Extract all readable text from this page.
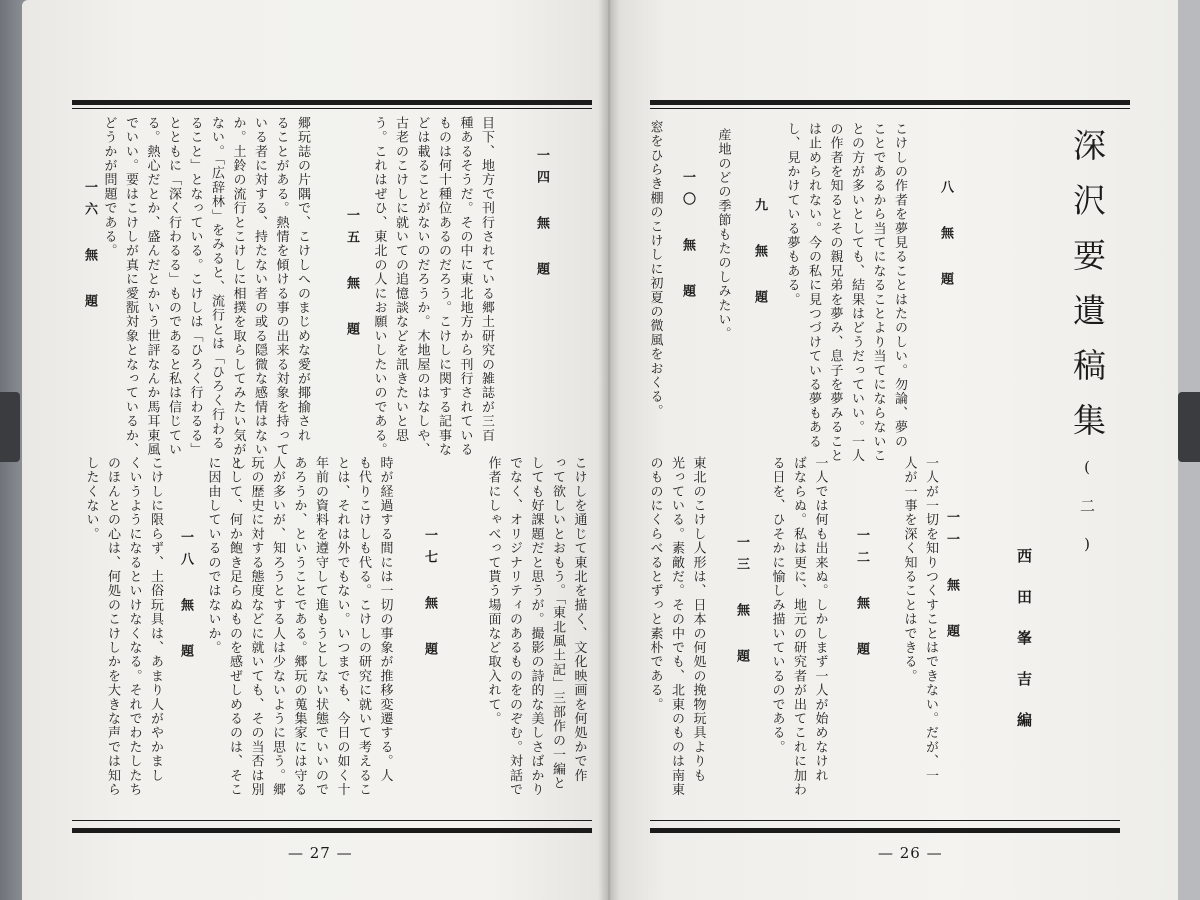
深沢要遺稿集(二)
西田峯吉編
八 無 題
こけしの作者を夢見ることはたのしい。勿論、夢の
ことであるから当てになることより当てにならないこ
との方が多いとしても、結果はどうだっていい。一人
の作者を知るとその親兄弟を夢み、息子を夢みること
は止められない。今の私に見つづけている夢もある
し、見かけている夢もある。
九 無 題
産地のどの季節もたのしみたい。
一〇 無 題
窓をひらき棚のこけしに初夏の微風をおくる。
一人が一切を知りつくすことはできない。だが、一
人が一事を深く知ることはできる。 一一 無 題
一二 無 題
一人では何も出来ぬ。しかしまず一人が始めなけれ
ばならぬ。私は更に、地元の研究者が出てこれに加わ
る日を、ひそかに愉しみ描いているのである。
一三 無 題
東北のこけし人形は、日本の何処の挽物玩具よりも
光っている。素敵だ。その中でも、北東のものは南東
のものにくらべるとずっと素朴である。
— 26 —
一四 無 題
目下、地方で刊行されている郷土研究の雑誌が三百
種あるそうだ。その中に東北地方から刊行されている
ものは何十種位あるのだろう。こけしに関する記事な
どは載ることがないのだろうか。木地屋のはなしや、
古老のこけしに就いての追憶談などを訊きたいと思
う。これはぜひ、東北の人にお願いしたいのである。
一五 無 題
郷玩誌の片隅で、こけしへのまじめな愛が揶揄され
ることがある。熱情を傾ける事の出来る対象を持って
いる者に対する、持たない者の或る隠微な感情はない
か。土鈴の流行とこけしに相撲を取らしてみたい気がし
ない。「広辞林」をみると、流行とは「ひろく行わる
ること」となっている。こけしは「ひろく行わるる」
とともに「深く行わるる」ものであると私は信じてい
る。熱心だとか、盛んだとかいう世評なんか馬耳東風
でいい。要はこけしが真に愛翫対象となっているか、
どうかが問題である。
一六 無 題
こけしを通じて東北を描く、文化映画を何処かで作
って欲しいとおもう。「東北風土記」三部作の一編と
しても好課題だと思うが。撮影の詩的な美しさばかり
でなく、オリジナリティのあるものをのぞむ。対話で
作者にしゃべって貰う場面など取入れて。
一七 無 題
時が経過する間には一切の事象が推移変遷する。人
も代りこけしも代る。こけしの研究に就いて考えるこ
とは、それは外でもない。いつまでも、今日の如く十
年前の資料を遵守して進もうとしない状態でいいので
あろうか、ということである。郷玩の蒐集家には守る
人が多いが、知ろうとする人は少ないように思う。郷
玩の歴史に対する態度などに就いても、その当否は別
として、何か飽き足らぬものを感ぜしめるのは、そこ
に因由しているのではないか。
一八 無 題
こけしに限らず、土俗玩具は、あまり人がやかまし
くいうようになるといけなくなる。それでわたしたち
のほんとの心は、何処のこけしかを大きな声では知ら
したくない。
— 27 —
